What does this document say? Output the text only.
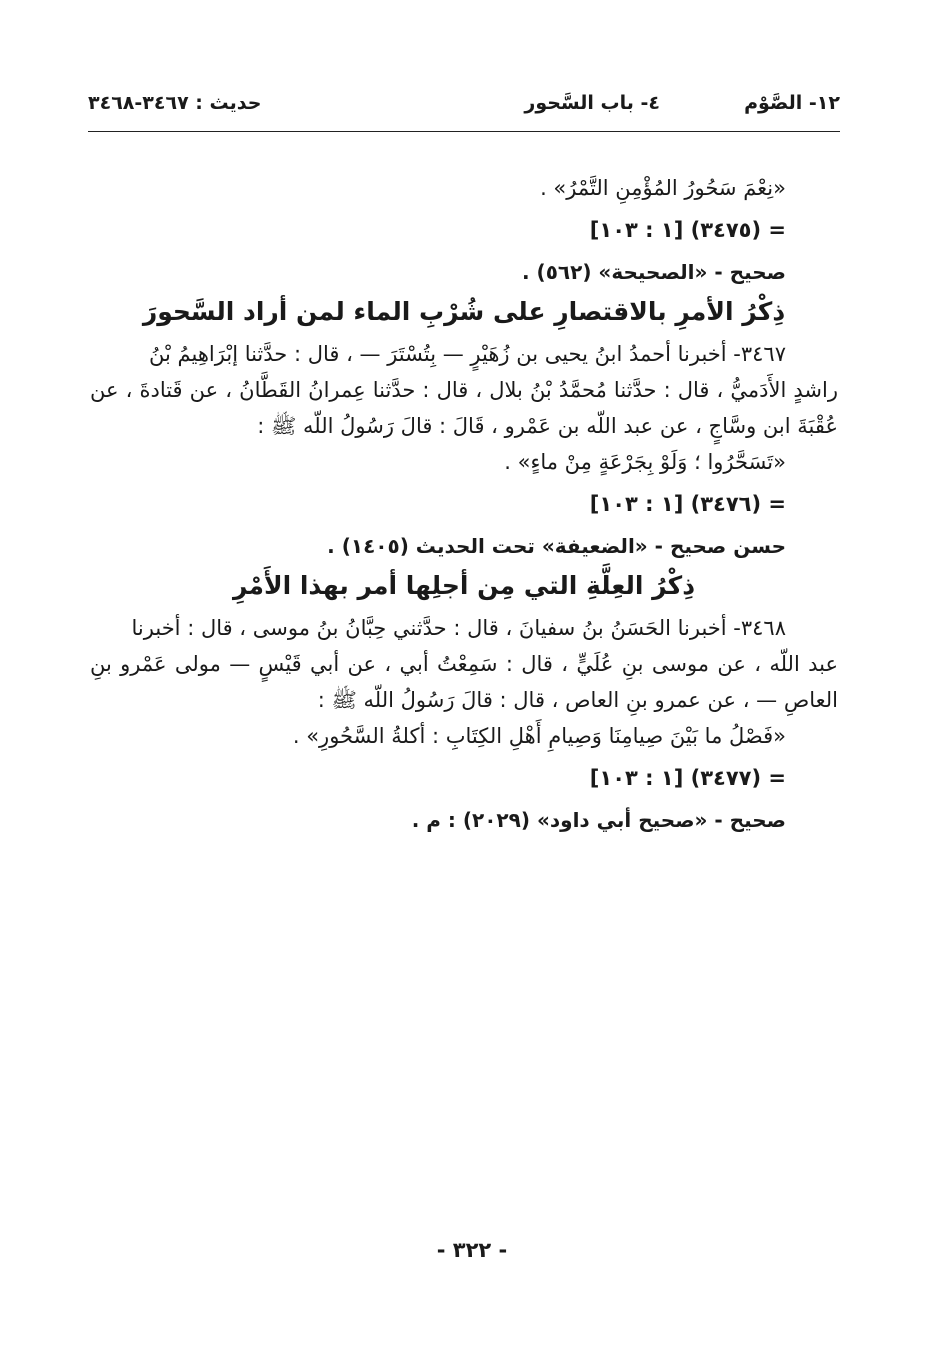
١٢- الصَّوْم
٤- باب السَّحور
حديث : ٣٤٦٧-٣٤٦٨
«نِعْمَ سَحُورُ المُؤْمِنِ التَّمْرُ» .
= (٣٤٧٥) [١ : ١٠٣]
صحيح - «الصحيحة» (٥٦٢) .
ذِكْرُ الأمرِ بالاقتصارِ على شُرْبِ الماء لمن أراد السَّحورَ
٣٤٦٧- أخبرنا أحمدُ ابنُ يحيى بن زُهَيْرٍ — بِتُسْتَرَ — ، قال : حدَّثنا إبْرَاهِيمُ بْنُ
راشدٍ الأَدَميُّ ، قال : حدَّثنا مُحمَّدُ بْنُ بلال ، قال : حدَّثنا عِمرانُ القَطَّانُ ، عن قَتادةَ ، عن
عُقْبَةَ ابن وسَّاجٍ ، عن عبد اللّه بن عَمْرو ، قَالَ : قالَ رَسُولُ اللّه ﷺ :
«تَسَحَّرُوا ؛ وَلَوْ بِجَرْعَةٍ مِنْ ماءٍ» .
= (٣٤٧٦) [١ : ١٠٣]
حسن صحيح - «الضعيفة» تحت الحديث (١٤٠٥) .
ذِكْرُ العِلَّةِ التي مِن أجلِها أمر بهذا الأَمْرِ
٣٤٦٨- أخبرنا الحَسَنُ بنُ سفيانَ ، قال : حدَّثني حِبَّانُ بنُ موسى ، قال : أخبرنا
عبد اللّه ، عن موسى بنِ عُلَيٍّ ، قال : سَمِعْتُ أبي ، عن أبي قَيْسٍ — مولى عَمْرو بنِ
العاصِ — ، عن عمرو بنِ العاص ، قال : قالَ رَسُولُ اللّه ﷺ :
«فَصْلُ ما بَيْنَ صِيامِنَا وَصِيامِ أَهْلِ الكِتَابِ : أكلةُ السَّحُورِ» .
= (٣٤٧٧) [١ : ١٠٣]
صحيح - «صحيح أبي داود» (٢٠٢٩) : م .
- ٣٢٢ -
